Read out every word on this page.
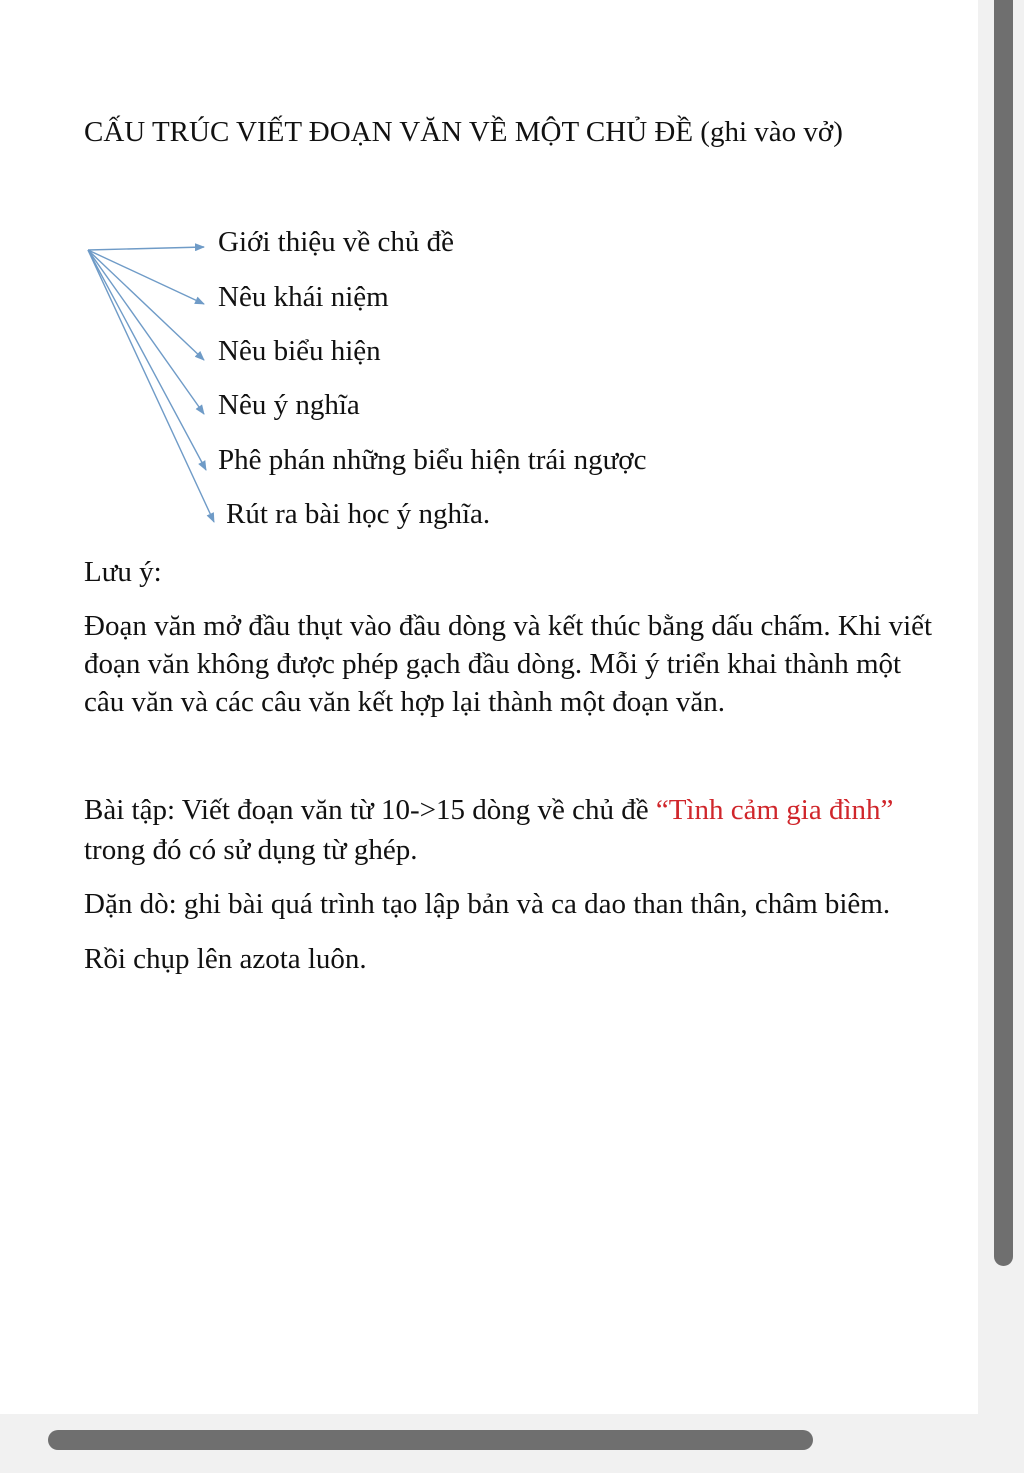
CẤU TRÚC VIẾT ĐOẠN VĂN VỀ MỘT CHỦ ĐỀ (ghi vào vở)
Giới thiệu về chủ đề
Nêu khái niệm
Nêu biểu hiện
Nêu ý nghĩa
Phê phán những biểu hiện trái ngược
Rút ra bài học ý nghĩa.
Lưu ý:
Đoạn văn mở đầu thụt vào đầu dòng và kết thúc bằng dấu chấm. Khi viết
đoạn văn không được phép gạch đầu dòng. Mỗi ý triển khai thành một
câu văn và các câu văn kết hợp lại thành một đoạn văn.
Bài tập: Viết đoạn văn từ 10->15 dòng về chủ đề “Tình cảm gia đình”
trong đó có sử dụng từ ghép.
Dặn dò: ghi bài quá trình tạo lập bản và ca dao than thân, châm biêm.
Rồi chụp lên azota luôn.
